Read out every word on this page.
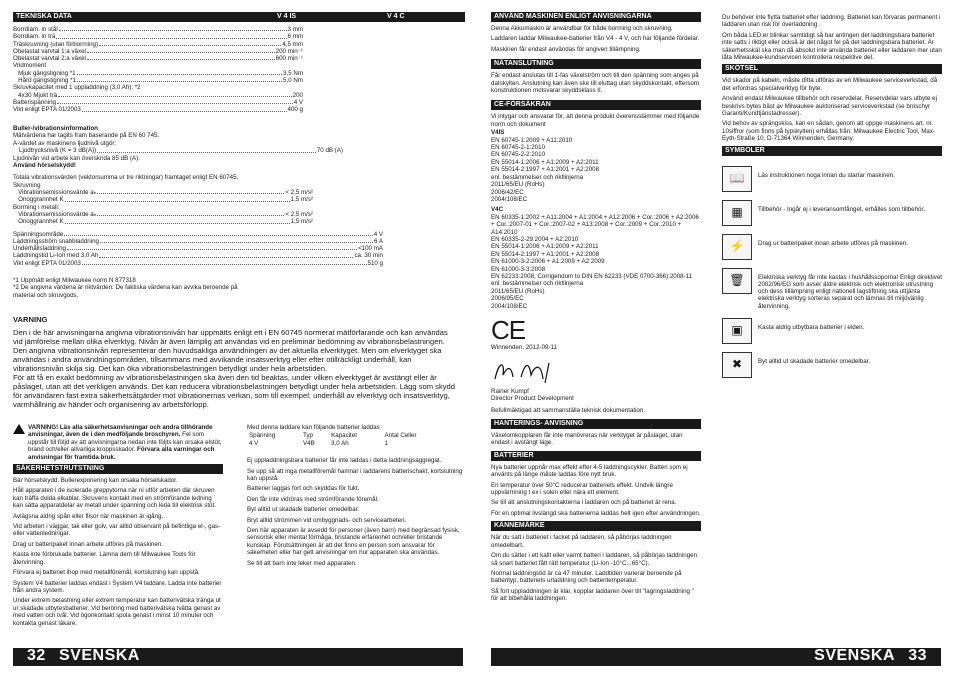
TEKNISKA DATA	V 4 IS	V 4 C
Borrdiam. in stål	3 mm
Borrdiam. in trä	6 mm
Träskruvning (utan förborrning)	4,5 mm
Obelastat varvtal 1:a växel	200 min⁻¹
Obelastat varvtal 2:a växel	600 min⁻¹
Vridmoment
Mjuk gängstigning *1	3,5 Nm
Hård gängstigning *1	5,0 Nm
Skruvkapacitet med 1 uppladdning (3,0 Ah): *2
4x30 Mjukt trä	200
Batterispänning	4 V
Vikt enligt EPTA 01/2003	400 g

Buller-/vibrationsinformation

Mätvärdena har tagits fram baserande på EN 60 745.
A-värdet av maskinens ljudnivå utgör:
Ljudtrycksnivå (K = 3 dB(A))	70 dB (A)
Ljudnivån vid arbete kan överskrida 85 dB (A).
Använd hörselskydd!
Totala vibrationsvärden (vektorsumma ur tre riktningar) framtaget enligt EN 60745.
Skruvning
Vibrationsemissionsvärde aₕ	< 2,5 m/s²
Onoggrannhet K	1,5 m/s²
Borrning i metall:
Vibrationsemissionsvärde aₕ	< 2,5 m/s²
Onoggrannhet K	1,5 m/s²
Spänningsområde	4 V
Laddningsström snabbladdning	6 A
Underhållsladdning	<100 mA
Laddningstid Li-Ion med 3,0 Ah	ca. 30 min
Vikt enligt EPTA 01/2003	510 g
*1 Uppmätt enligt Milwaukee norm N 877318
*2 De angivna värdena är riktvärden. De faktiska värdena kan avvika beroende på material och skruvgods.

VARNING

Den i de här anvisningarna angivna vibrationsnivån har uppmätts enligt ett i EN 60745 normerat mätförfarande och kan användas vid jämförelse mellan olika elverktyg. Nivån är även lämplig att användas vid en preliminär bedömning av vibrationsbelastningen.

Den angivna vibrationsnivån representerar den huvudsakliga användningen av det aktuella elverktyget. Men om elverktyget ska användas i andra användningsområden, tillsammans med avvikande insatsverktyg eller efter otillräckligt underhåll, kan vibrationsnivån skilja sig. Det kan öka vibrationsbelastningen betydligt under hela arbetstiden.

För att få en exakt bedömning av vibrationsbelastningen ska även den tid beaktas, under vilken elverktyget är avstängt eller är påslaget, utan att det verkligen används. Det kan reducera vibrationsbelastningen betydligt under hela arbetstiden. Lägg som skydd för användaren fast extra säkerhetsåtgärder mot vibrationernas verkan, som till exempel: underhåll av elverktyg och insatsverktyg, varmhållning av händer och organisering av arbetsförlopp.

VARNING! Läs alla säkerhetsanvisningar och andra tillhörande anvisningar, även de i den medföljande broschyren. Fel som uppstår till följd av att anvisningarna nedan inte följts kan orsaka elstöt, brand och/eller allvarliga kroppsskador. Förvara alla varningar och anvisningar för framtida bruk.
SÄKERHETSTRUTSTNING

Bär hörselskydd. Bullerexponering kan orsaka hörselskador.

Håll apparaten i de isolerade greppytorna när ni utför arbeten där skruven kan träffa dolda elkablar. Skruvens kontakt med en strömförande ledning kan sätta apparatdelar av metall under spänning och leda till elektrisk stöt.

Avlägsna aldrig spån eller flisor när maskinen är igång.

Vid arbeten i väggar, tak eller golv, var alltid observant på befintliga el-, gas- eller vattenledningar.

Drag ur batteripaket innan arbete utföres på maskinen.

Kasta inte förbrukade batterier. Lämna dem till Milwaukee Tools för återvinning.

Förvara ej batteriet ihop med metallföremål, kortslutning kan uppstå.

System V4 batterier laddas endast i System V4 laddare. Ladda inte batterier från andra system.

Under extrem belastning eller extrem temperatur kan batterivätska tränga ut ur skadade utbytesbatterier. Vid beröring med batterivätska tvätta genast av med vatten och tvål. Vid ögonkontakt spola genast i minst 10 minuter och kontakta genast läkare.

Med denna laddare kan följande batterier laddas

Spänning	Typ	Kapacitet	Antal Celler
4 V	V4B	3,0 Ah	1

Ej uppladdningsbara batterier får inte laddas i detta laddningsaggregat.

Se upp så att inga metallföremål hamnar i laddarens batterischakt, kortslutning kan uppstå.

Batterier laggas fort och skyddas för fukt.

Den får inte vidröras med strömförande föremål.

Byt alltid ut skadade batterier omedelbar.

Bryt alltid strömmen vid ombyggnads- och servicearbeten.

Den här apparaten är avsedd för personer (även barn) med begränsad fysisk, sensorisk eller mental förmåga, bristande erfarenhet och/eller bristande kunskap. Förutsättningen är att det finns en person som ansvarar för säkerheten eller har gett anvisningar om hur apparaten ska användas.

Se till att barn inte leker med apparaten.

32 SVENSKA
ANVÄND MASKINEN ENLIGT ANVISNINGARNA

Denna Akkumaskin är användbar för både borrning och skruvning.

Laddaren laddar Milwaukee-batterier från V4 - 4 V, och har följande fördelar.

Maskinen får endast användas för angiven tillämpning.

NÄTANSLUTNING

Får endast anslutas till 1-fas växelström och till den spänning som anges på datskylten. Anslutning kan även ske till eluttag utan skyddskontakt, eftersom konstruktionen motsvarar skyddsklass II.

CE-FÖRSÄKRAN

Vi intygar och ansvarar för, att denna produkt överensstämmer med följande norm och dokument

V4IS
EN 60745-1:2009 + A11:2010
EN 60745-2-1:2010
EN 60745-2-2:2010
EN 55014-1:2006 + A1:2009 + A2:2011
EN 55014-2:1997 + A1:2001 + A2:2008
enl. bestämmelser och riktlinjerna
2011/65/EU (RoHs)
2006/42/EC
2004/108/EC
V4C
EN 60335-1:2002 + A11:2004 + A1:2004 + A12:2006 + Cor.:2006 + A2:2006 + Cor.:2007-01 + Cor.:2007-02 + A13:2008 + Cor.:2009 + Cor.:2010 + A14:2010
EN 60335-2-29:2004 + A2:2010
EN 55014-1:2006 + A1:2009 + A2:2011
EN 55014-2:1997 + A1:2001 + A2:2008
EN 61000-3-2:2006 + A1:2009 + A2:2009
EN 61000-3-3:2008
EN 62233:2008, Corrigendum to DIN EN 62233 (VDE 0700-366):2008-11
enl. bestämmelser och riktlinjerna
2011/65/EU (RoHs)
2006/95/EC
2004/108/EC
CE
Winnenden, 2012-09-11
Rainer Kumpf
Director Product Development
Befullmäktigad att sammanställa teknisk dokumentation.
HANTERINGS- ANVISNING

Växelomkopplaren får inte manövreras när verktyget är påslaget, utan endast i avstängt läge.

BATTERIER

Nya batterier uppnår max effekt efter 4-5 laddningscykler. Batteri som ej använts på länge måste laddas före nytt bruk.

En temperatur över 50°C reducerar batteriets effekt. Undvik längre uppvärmning t ex i solen eller nära ett element.

Se till att anslutningskontakterna i laddaren och på batteriet är rena.

För en optimal livslängd ska batterierna laddas helt igen efter användningen.

KÄNNEMÄRKE

När du satt i batteriet i facket på laddaren, så påbörjas laddningen omedelbart.

Om du sätter i ett kallt eller varmt batteri i laddaren, så påbörjas laddningen så snart batteriet fått rätt temperatur (Li-Ion -10°C...65°C).

Normal laddningstid är ca 47 minuter. Laddtiden varierar beroende på batterityp, batteriets urladdning och batteritemperatur.

Så fort uppladdningen är klar, kopplar laddaren över till "lagringsladdning " för att bibehålla laddningen.

Du behöver inte flytta batteriet efter laddning. Batteriet kan förvaras permanent i laddaren utan risk för överladdning .

Om båda LED:er blinkar samtidigt så har antingen det laddningsbara batteriet inte satts i riktigt eller också är det något fel på det laddningsbara batteriet. Är säkerhetsskäl ska man då absolut inte använda batteriet eller laddaren mer utan låta Milwaukee-kundservicen kontrollera respektive del.

SKÖTSEL

Vid skador på kabeln, måste dîtta utföras av en Milwaukee serviceverkstad, då det erfordras specialverktyg för byte.

Använd endast Milwaukee tillbehör och reservdelar. Reservdelar vars utbyte ej beskrivs bytes bäst av Milwaukee auktoriserad serviceverkstad (se broschyr Garanti/Kundtjänstadresser).

Vid behov av sprängskiss, kan en sådan, genom att uppge maskinens art. nr. 10siffror (som finns på typskylten) erhållas från: Milwaukee Electric Tool, Max-Eyth-Straße 10, D-71364 Winnenden, Germany.

SYMBOLER
📖	Läs instruktionen noga innan du startar maskinen.
▦	Tillbehör - Ingår ej i leveransomfånget, erhålles som tillbehör.
⚡	Drag ur batteripaket innan arbete utföres på maskinen.
🗑	Elektriska verktyg får inte kastas i hushållssoporna! Enligt direktivet 2002/96/EG som avser äldre elektrisk och elektronisk utrustning och dess tillämpning enligt nationell lagstiftning ska uttjänta elektriska verktyg sorteras separat och lämnas till miljövänlig återvinning.
▣	Kasta aldrig utbytbara batterier i elden.
✖	Byt alltid ut skadade batterier omedelbar.
SVENSKA 33
